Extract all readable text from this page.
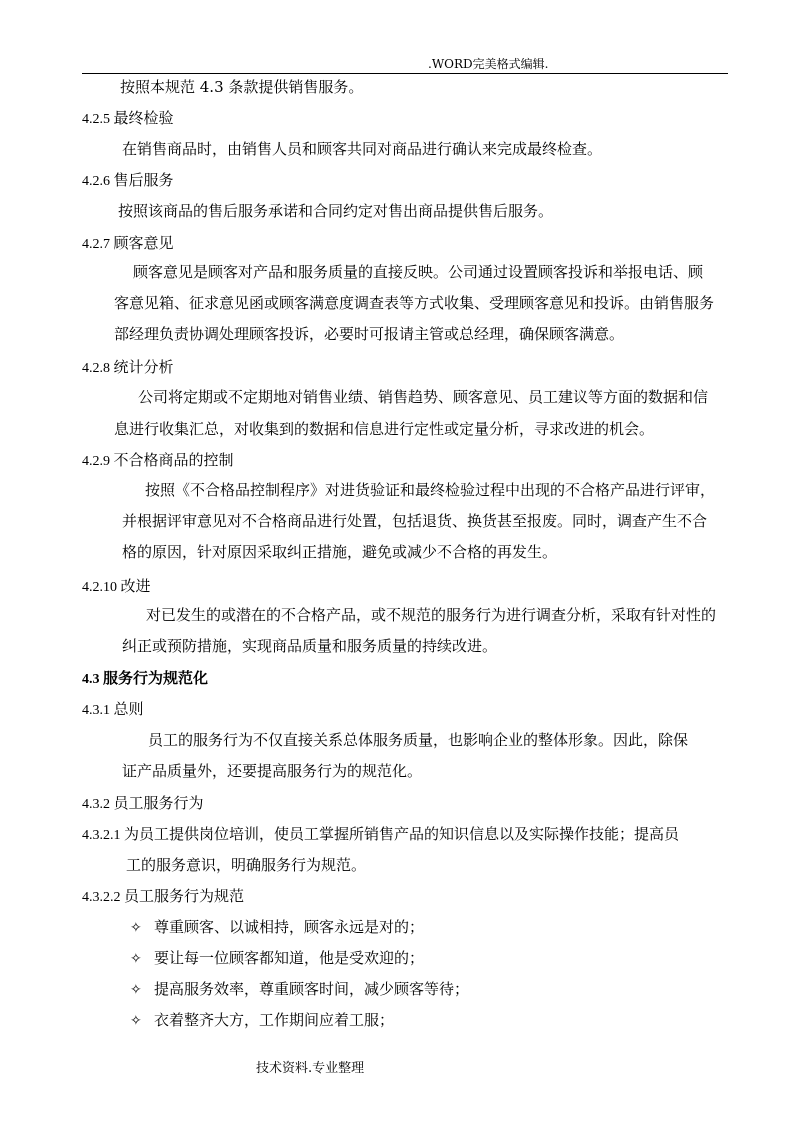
.WORD完美格式编辑.
按照本规范 4.3 条款提供销售服务。
4.2.5 最终检验
在销售商品时，由销售人员和顾客共同对商品进行确认来完成最终检查。
4.2.6 售后服务
按照该商品的售后服务承诺和合同约定对售出商品提供售后服务。
4.2.7 顾客意见
顾客意见是顾客对产品和服务质量的直接反映。公司通过设置顾客投诉和举报电话、顾
客意见箱、征求意见函或顾客满意度调查表等方式收集、受理顾客意见和投诉。由销售服务
部经理负责协调处理顾客投诉，必要时可报请主管或总经理，确保顾客满意。
4.2.8 统计分析
公司将定期或不定期地对销售业绩、销售趋势、顾客意见、员工建议等方面的数据和信
息进行收集汇总，对收集到的数据和信息进行定性或定量分析，寻求改进的机会。
4.2.9 不合格商品的控制
按照《不合格品控制程序》对进货验证和最终检验过程中出现的不合格产品进行评审，
并根据评审意见对不合格商品进行处置，包括退货、换货甚至报废。同时，调查产生不合
格的原因，针对原因采取纠正措施，避免或减少不合格的再发生。
4.2.10 改进
对已发生的或潜在的不合格产品，或不规范的服务行为进行调查分析，采取有针对性的
纠正或预防措施，实现商品质量和服务质量的持续改进。
4.3 服务行为规范化
4.3.1 总则
员工的服务行为不仅直接关系总体服务质量，也影响企业的整体形象。因此，除保
证产品质量外，还要提高服务行为的规范化。
4.3.2 员工服务行为
4.3.2.1 为员工提供岗位培训，使员工掌握所销售产品的知识信息以及实际操作技能；提高员
工的服务意识，明确服务行为规范。
4.3.2.2 员工服务行为规范
✧ 尊重顾客、以诚相持，顾客永远是对的；
✧ 要让每一位顾客都知道，他是受欢迎的；
✧ 提高服务效率，尊重顾客时间，减少顾客等待；
✧ 衣着整齐大方，工作期间应着工服；
技术资料.专业整理
